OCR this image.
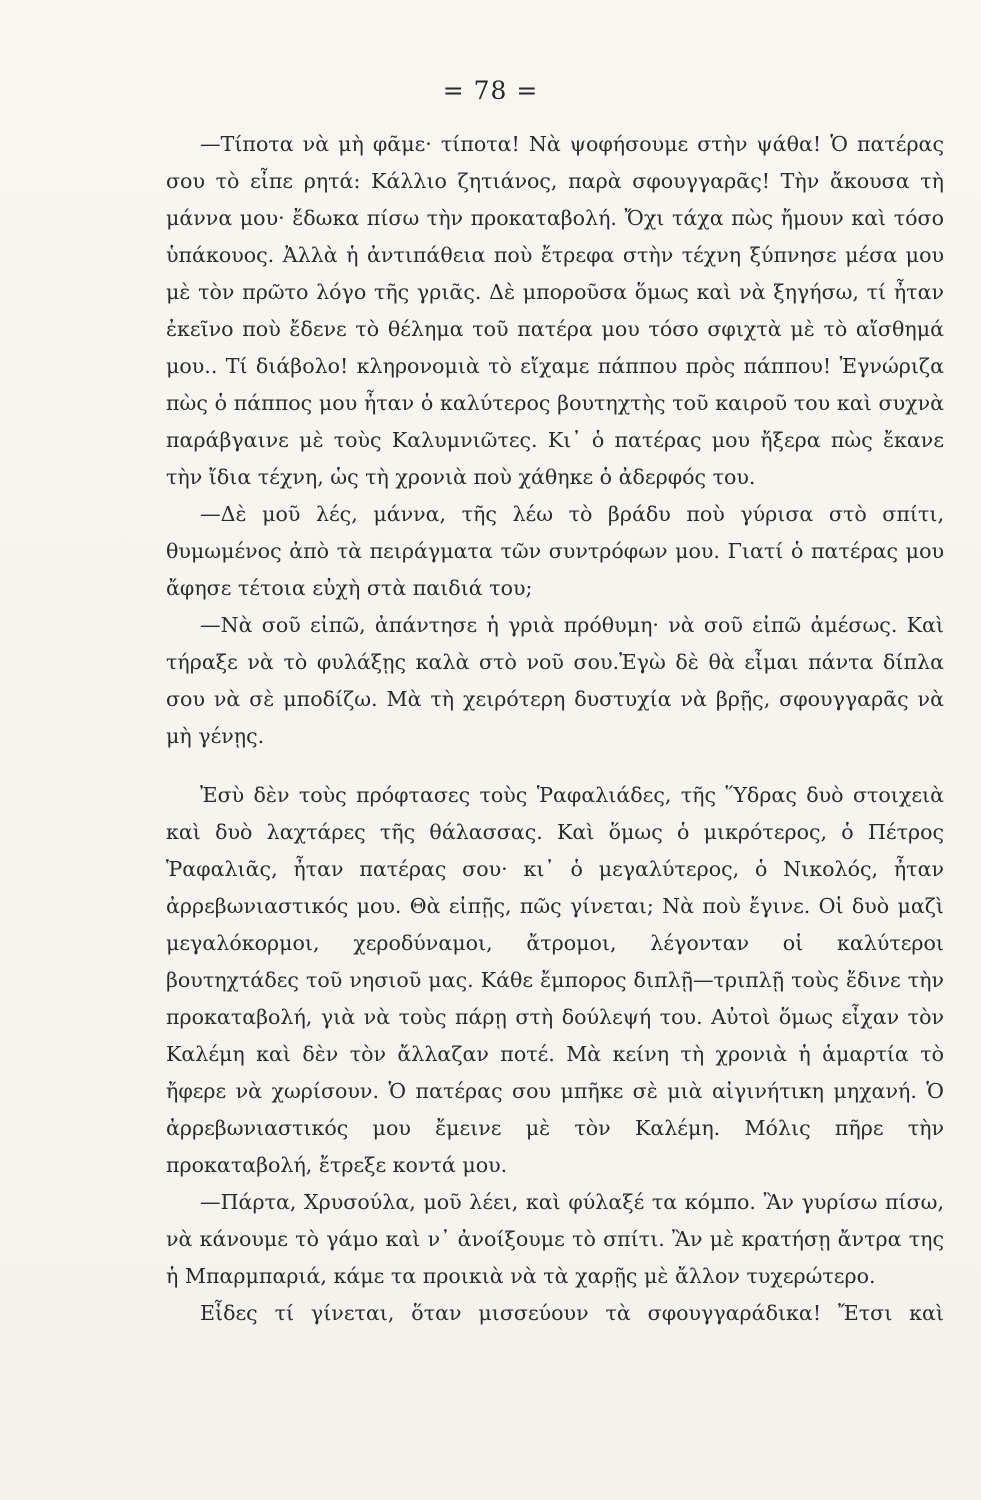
= 78 =

—Τίποτα νὰ μὴ φᾶμε· τίποτα! Νὰ ψοφήσουμε στὴν ψάθα! Ὁ πατέρας σου τὸ εἶπε ρητά: Κάλλιο ζητιάνος, παρὰ σφουγγαρᾶς! Τὴν ἄκουσα τὴ μάννα μου· ἔδωκα πίσω τὴν προκαταβολή. Ὄχι τάχα πὼς ἤμουν καὶ τόσο ὑπάκουος. Ἀλλὰ ἡ ἀντιπάθεια ποὺ ἔτρεφα στὴν τέχνη ξύπνησε μέσα μου μὲ τὸν πρῶτο λόγο τῆς γριᾶς. Δὲ μποροῦσα ὅμως καὶ νὰ ξηγήσω, τί ἦταν ἐκεῖνο ποὺ ἔδενε τὸ θέλημα τοῦ πατέρα μου τόσο σφιχτὰ μὲ τὸ αἴσθημά μου.. Τί διάβολο! κληρονομιὰ τὸ εἴχαμε πάππου πρὸς πάππου! Ἐγνώριζα πὼς ὁ πάππος μου ἦταν ὁ καλύτερος βουτηχτὴς τοῦ καιροῦ του καὶ συχνὰ παράβγαινε μὲ τοὺς Καλυμνιῶτες. Κι᾿ ὁ πατέρας μου ἤξερα πὼς ἔκανε τὴν ἴδια τέχνη, ὡς τὴ χρονιὰ ποὺ χάθηκε ὁ ἀδερφός του.

—Δὲ μοῦ λές, μάννα, τῆς λέω τὸ βράδυ ποὺ γύρισα στὸ σπίτι, θυμωμένος ἀπὸ τὰ πειράγματα τῶν συντρόφων μου. Γιατί ὁ πατέρας μου ἄφησε τέτοια εὐχὴ στὰ παιδιά του;

—Νὰ σοῦ εἰπῶ, ἀπάντησε ἡ γριὰ πρόθυμη· νὰ σοῦ εἰπῶ ἀμέσως. Καὶ τήραξε νὰ τὸ φυλάξῃς καλὰ στὸ νοῦ σου.Ἐγὼ δὲ θὰ εἶμαι πάντα δίπλα σου νὰ σὲ μποδίζω. Μὰ τὴ χειρότερη δυστυχία νὰ βρῇς, σφουγγαρᾶς νὰ μὴ γένῃς.

Ἐσὺ δὲν τοὺς πρόφτασες τοὺς Ῥαφαλιάδες, τῆς Ὕδρας δυὸ στοιχειὰ καὶ δυὸ λαχτάρες τῆς θάλασσας. Καὶ ὅμως ὁ μικρότερος, ὁ Πέτρος Ῥαφαλιᾶς, ἦταν πατέρας σου· κι᾿ ὁ μεγαλύτερος, ὁ Νικολός, ἦταν ἀρρεβωνιαστικός μου. Θὰ εἰπῇς, πῶς γίνεται; Νὰ ποὺ ἔγινε. Οἱ δυὸ μαζὶ μεγαλόκορμοι, χεροδύναμοι, ἄτρομοι, λέγονταν οἱ καλύτεροι βουτηχτάδες τοῦ νησιοῦ μας. Κάθε ἔμπορος διπλῇ—τριπλῇ τοὺς ἔδινε τὴν προκαταβολή, γιὰ νὰ τοὺς πάρῃ στὴ δούλεψή του. Αὐτοὶ ὅμως εἶχαν τὸν Καλέμη καὶ δὲν τὸν ἄλλαζαν ποτέ. Μὰ κείνη τὴ χρονιὰ ἡ ἁμαρτία τὸ ἤφερε νὰ χωρίσουν. Ὁ πατέρας σου μπῆκε σὲ μιὰ αἰγινήτικη μηχανή. Ὁ ἀρρεβωνιαστικός μου ἔμεινε μὲ τὸν Καλέμη. Μόλις πῆρε τὴν προκαταβολή, ἔτρεξε κοντά μου.

—Πάρτα, Χρυσούλα, μοῦ λέει, καὶ φύλαξέ τα κόμπο. Ἂν γυρίσω πίσω, νὰ κάνουμε τὸ γάμο καὶ ν᾿ ἀνοίξουμε τὸ σπίτι. Ἂν μὲ κρατήσῃ ἄντρα της ἡ Μπαρμπαριά, κάμε τα προικιὰ νὰ τὰ χαρῇς μὲ ἄλλον τυχερώτερο.

Εἶδες τί γίνεται, ὅταν μισσεύουν τὰ σφουγγαράδικα! Ἔτσι καὶ
